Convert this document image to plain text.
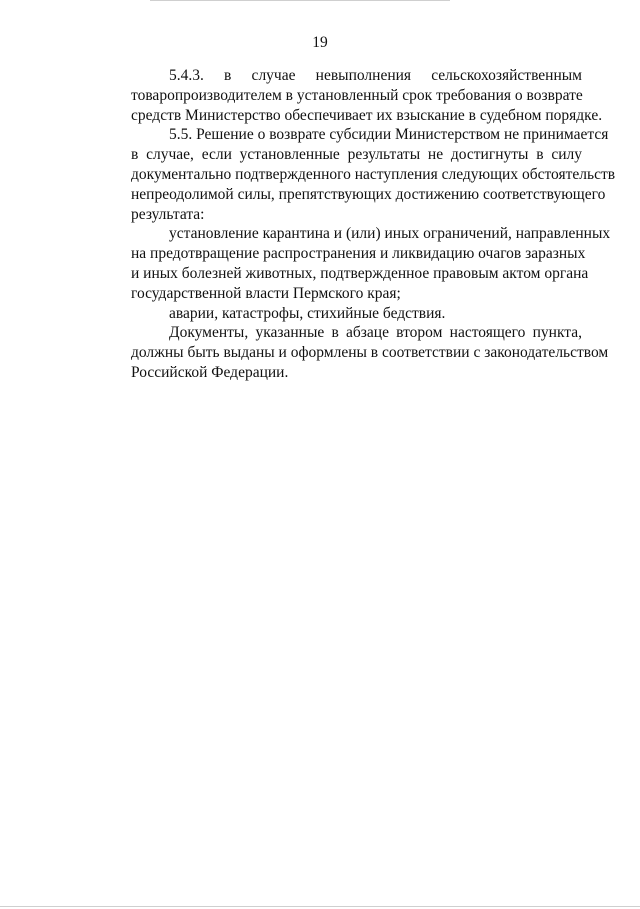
19

5.4.3. в случае невыполнения сельскохозяйственным
товаропроизводителем в установленный срок требования о возврате
средств Министерство обеспечивает их взыскание в судебном порядке.

5.5. Решение о возврате субсидии Министерством не принимается
в случае, если установленные результаты не достигнуты в силу
документально подтвержденного наступления следующих обстоятельств
непреодолимой силы, препятствующих достижению соответствующего
результата:

установление карантина и (или) иных ограничений, направленных
на предотвращение распространения и ликвидацию очагов заразных
и иных болезней животных, подтвержденное правовым актом органа
государственной власти Пермского края;

аварии, катастрофы, стихийные бедствия.

Документы, указанные в абзаце втором настоящего пункта,
должны быть выданы и оформлены в соответствии с законодательством
Российской Федерации.
